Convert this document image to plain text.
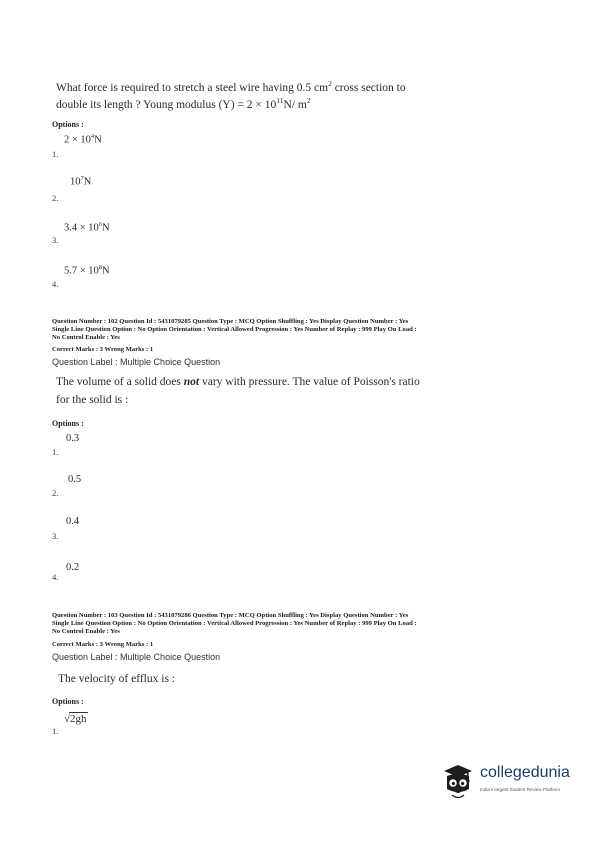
What force is required to stretch a steel wire having 0.5 $cm^2$ cross section to
double its length ? Young modulus $(Y) = 2 \times 10^{11}N/$ $m^2$
Options :
$2 \times 10^4N$
1.
$10^7N$
2.
$3.4 \times 10^6N$
3.
$5.7 \times 10^8N$
4.
Question Number : 102 Question Id : 5431079285 Question Type : MCQ Option Shuffling : Yes Display Question Number : Yes
Single Line Question Option : No Option Orientation : Vertical Allowed Progression : Yes Number of Replay : 999 Play On Load :
No Control Enable : Yes
Correct Marks : 3 Wrong Marks : 1
Question Label : Multiple Choice Question
The volume of a solid does not vary with pressure. The value of Poisson's ratio
for the solid is :
Options :
0.3
1.
0.5
2.
0.4
3.
0.2
4.
Question Number : 103 Question Id : 5431079286 Question Type : MCQ Option Shuffling : Yes Display Question Number : Yes
Single Line Question Option : No Option Orientation : Vertical Allowed Progression : Yes Number of Replay : 999 Play On Load :
No Control Enable : Yes
Correct Marks : 3 Wrong Marks : 1
Question Label : Multiple Choice Question
The velocity of efflux is :
Options :
√2gh
1.
collegedunia
India's largest Student Review Platform
